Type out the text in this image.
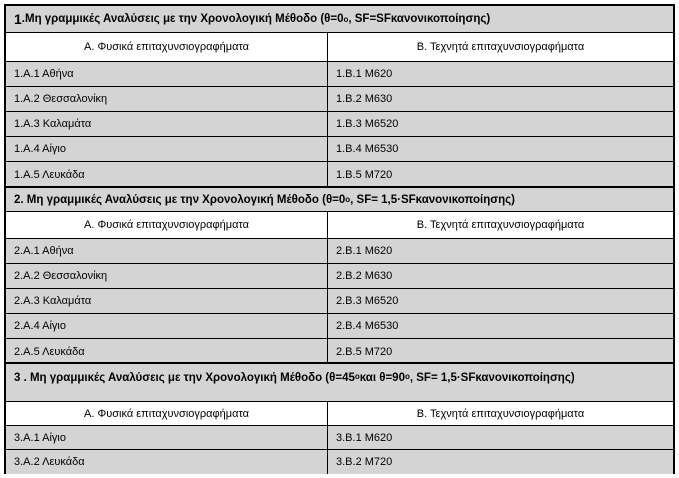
1 .Μη γραμμικές Αναλύσεις με την Χρονολογική Μέθοδο (θ=0 o , SF=SFκανονικοποίησης)
Α. Φυσικά επιταχυνσιογραφήματα	Β. Τεχνητά επιταχυνσιογραφήματα
1.Α.1 Αθήνα	1.Β.1 Μ620
1.Α.2 Θεσσαλονίκη	1.Β.2 Μ630
1.Α.3 Καλαμάτα	1.Β.3 Μ6520
1.Α.4 Αίγιο	1.Β.4 Μ6530
1.Α.5 Λευκάδα	1.Β.5 Μ720
2. Μη γραμμικές Αναλύσεις με την Χρονολογική Μέθοδο (θ=0 o , SF= 1,5·SFκανονικοποίησης)
Α. Φυσικά επιταχυνσιογραφήματα	Β. Τεχνητά επιταχυνσιογραφήματα
2.Α.1 Αθήνα	2.Β.1 Μ620
2.Α.2 Θεσσαλονίκη	2.Β.2 Μ630
2.Α.3 Καλαμάτα	2.Β.3 Μ6520
2.Α.4 Αίγιο	2.Β.4 Μ6530
2.Α.5 Λευκάδα	2.Β.5 Μ720
3 . Μη γραμμικές Αναλύσεις με την Χρονολογική Μέθοδο (θ=45 o και θ=90 o , SF= 1,5·SFκανονικοποίησης)
Α. Φυσικά επιταχυνσιογραφήματα	Β. Τεχνητά επιταχυνσιογραφήματα
3.Α.1 Αίγιο	3.Β.1 Μ620
3.Α.2 Λευκάδα	3.Β.2 Μ720
